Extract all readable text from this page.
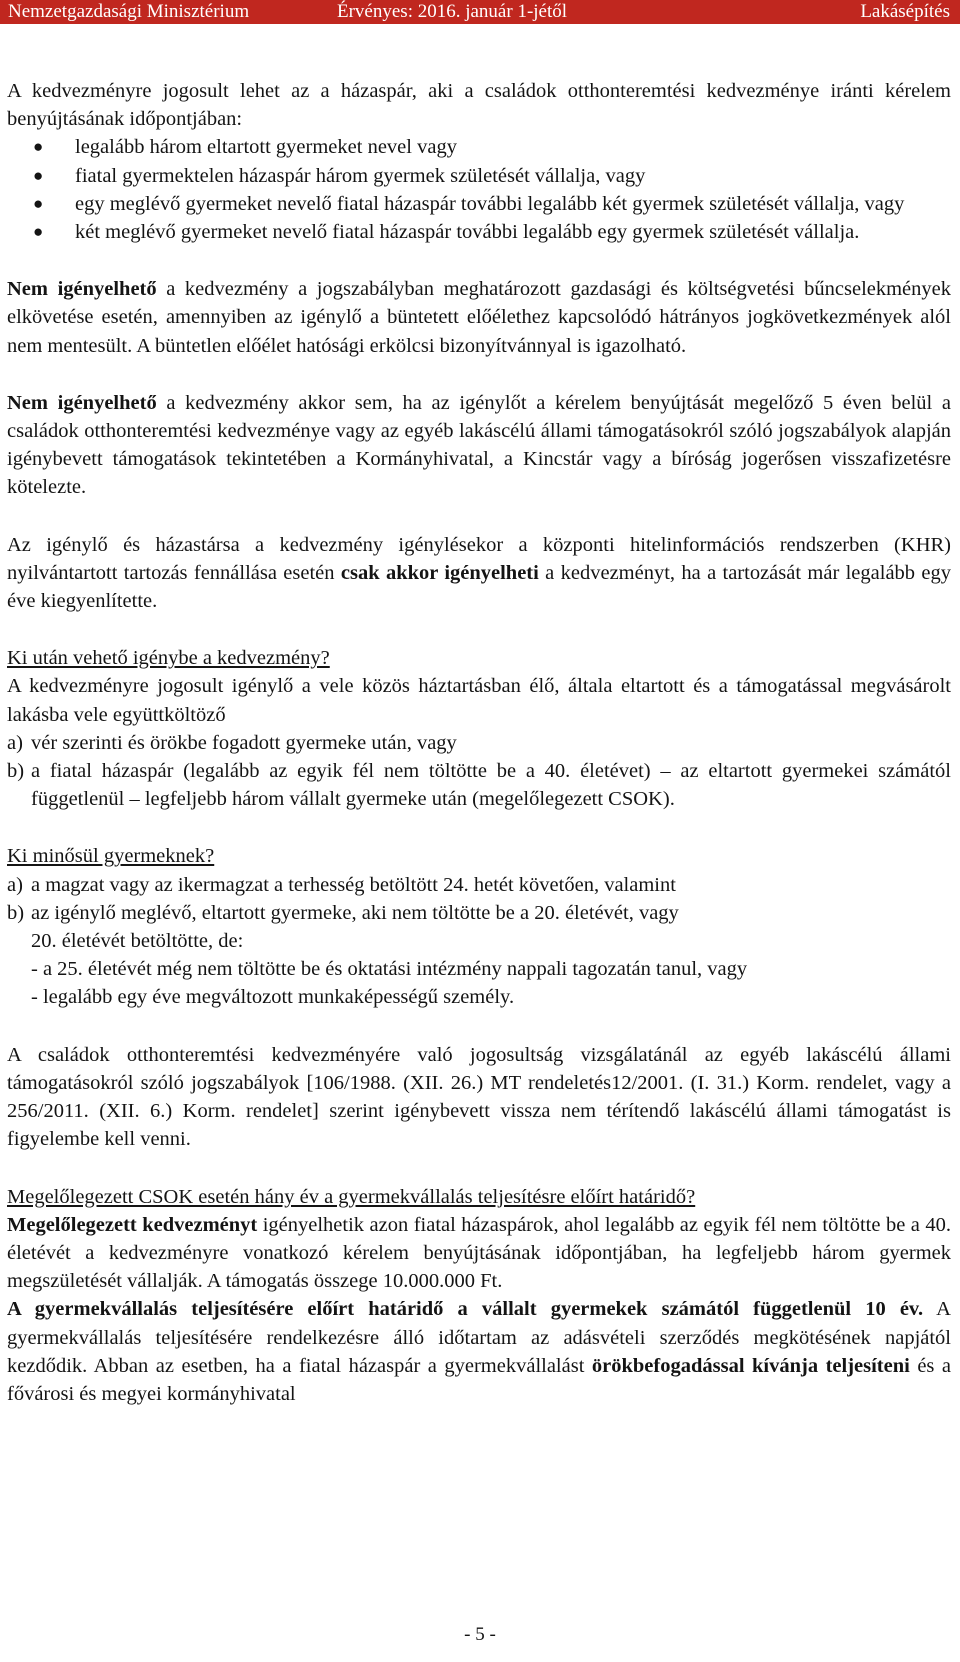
Nemzetgazdasági Minisztérium	Érvényes: 2016. január 1-jétől	Lakásépítés

A kedvezményre jogosult lehet az a házaspár, aki a családok otthonteremtési kedvezménye iránti kérelem benyújtásának időpontjában:

● legalább három eltartott gyermeket nevel vagy
● fiatal gyermektelen házaspár három gyermek születését vállalja, vagy
● egy meglévő gyermeket nevelő fiatal házaspár további legalább két gyermek születését vállalja, vagy
● két meglévő gyermeket nevelő fiatal házaspár további legalább egy gyermek születését vállalja.

Nem igényelhető a kedvezmény a jogszabályban meghatározott gazdasági és költségvetési bűncselekmények elkövetése esetén, amennyiben az igénylő a büntetett előélethez kapcsolódó hátrányos jogkövetkezmények alól nem mentesült. A büntetlen előélet hatósági erkölcsi bizonyítvánnyal is igazolható.

Nem igényelhető a kedvezmény akkor sem, ha az igénylőt a kérelem benyújtását megelőző 5 éven belül a családok otthonteremtési kedvezménye vagy az egyéb lakáscélú állami támogatásokról szóló jogszabályok alapján igénybevett támogatások tekintetében a Kormányhivatal, a Kincstár vagy a bíróság jogerősen visszafizetésre kötelezte.

Az igénylő és házastársa a kedvezmény igénylésekor a központi hitelinformációs rendszerben (KHR) nyilvántartott tartozás fennállása esetén csak akkor igényelheti a kedvezményt, ha a tartozását már legalább egy éve kiegyenlítette.

Ki után vehető igénybe a kedvezmény?

A kedvezményre jogosult igénylő a vele közös háztartásban élő, általa eltartott és a támogatással megvásárolt lakásba vele együttköltöző

a) vér szerinti és örökbe fogadott gyermeke után, vagy
b) a fiatal házaspár (legalább az egyik fél nem töltötte be a 40. életévet) – az eltartott gyermekei számától függetlenül – legfeljebb három vállalt gyermeke után (megelőlegezett CSOK).

Ki minősül gyermeknek?

a) a magzat vagy az ikermagzat a terhesség betöltött 24. hetét követően, valamint
b) az igénylő meglévő, eltartott gyermeke, aki nem töltötte be a 20. életévét, vagy
20. életévét betöltötte, de:
- a 25. életévét még nem töltötte be és oktatási intézmény nappali tagozatán tanul, vagy
- legalább egy éve megváltozott munkaképességű személy.

A családok otthonteremtési kedvezményére való jogosultság vizsgálatánál az egyéb lakáscélú állami támogatásokról szóló jogszabályok [106/1988. (XII. 26.) MT rendeletés12/2001. (I. 31.) Korm. rendelet, vagy a 256/2011. (XII. 6.) Korm. rendelet] szerint igénybevett vissza nem térítendő lakáscélú állami támogatást is figyelembe kell venni.

Megelőlegezett CSOK esetén hány év a gyermekvállalás teljesítésre előírt határidő?

Megelőlegezett kedvezményt igényelhetik azon fiatal házaspárok, ahol legalább az egyik fél nem töltötte be a 40. életévét a kedvezményre vonatkozó kérelem benyújtásának időpontjában, ha legfeljebb három gyermek megszületését vállalják. A támogatás összege 10.000.000 Ft.

A gyermekvállalás teljesítésére előírt határidő a vállalt gyermekek számától függetlenül 10 év. A gyermekvállalás teljesítésére rendelkezésre álló időtartam az adásvételi szerződés megkötésének napjától kezdődik. Abban az esetben, ha a fiatal házaspár a gyermekvállalást örökbefogadással kívánja teljesíteni és a fővárosi és megyei kormányhivatal

- 5 -
